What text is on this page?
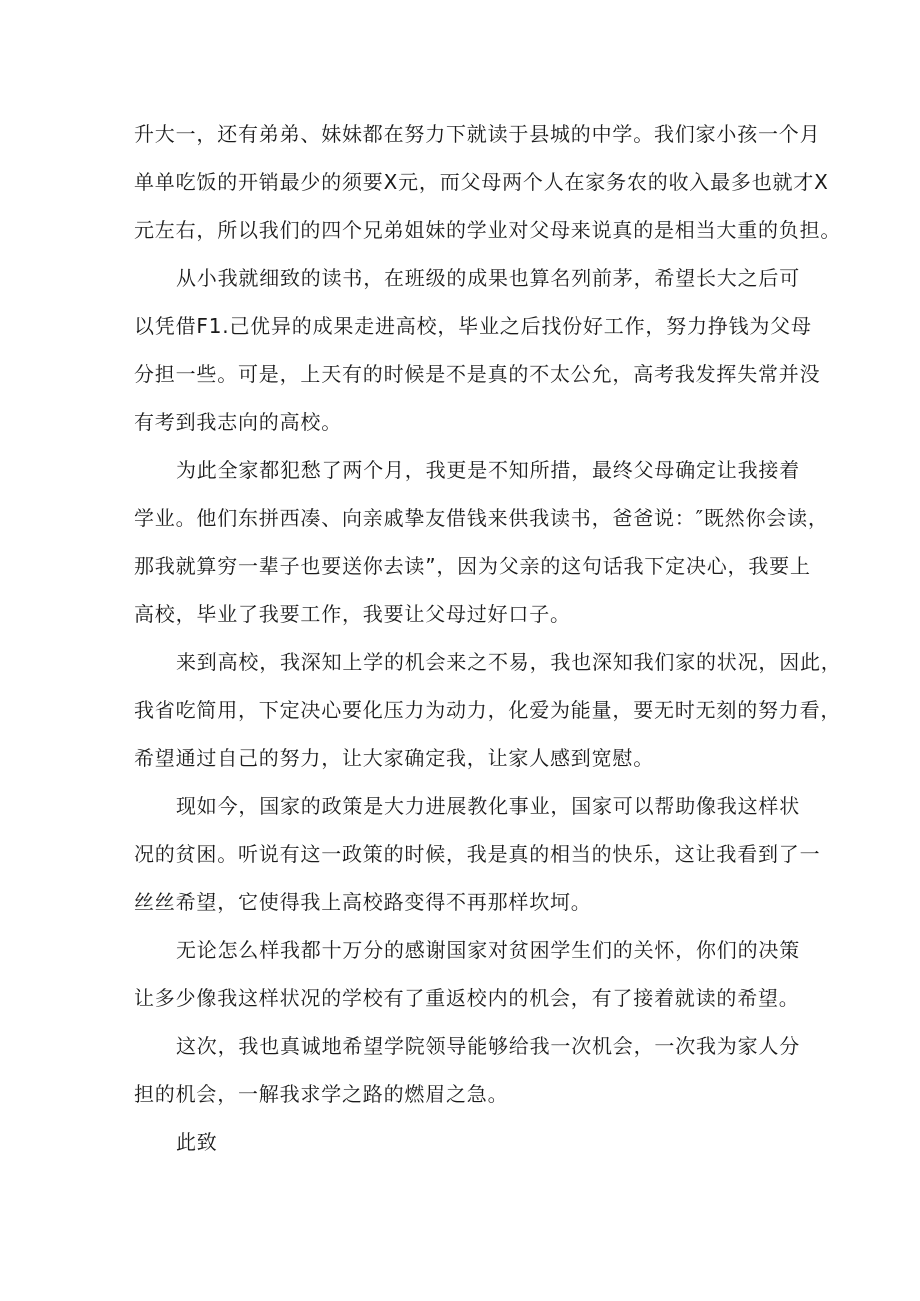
升大一，还有弟弟、妹妹都在努力下就读于县城的中学。我们家小孩一个月
单单吃饭的开销最少的须要X元，而父母两个人在家务农的收入最多也就才X
元左右，所以我们的四个兄弟姐妹的学业对父母来说真的是相当大重的负担。
从小我就细致的读书，在班级的成果也算名列前茅，希望长大之后可
以凭借F1.己优异的成果走进高校，毕业之后找份好工作，努力挣钱为父母
分担一些。可是，上天有的时候是不是真的不太公允，高考我发挥失常并没
有考到我志向的高校。
为此全家都犯愁了两个月，我更是不知所措，最终父母确定让我接着
学业。他们东拼西凑、向亲戚挚友借钱来供我读书，爸爸说：″既然你会读，
那我就算穷一辈子也要送你去读”，因为父亲的这句话我下定决心，我要上
高校，毕业了我要工作，我要让父母过好口子。
来到高校，我深知上学的机会来之不易，我也深知我们家的状况，因此，
我省吃简用，下定决心要化压力为动力，化爱为能量，要无时无刻的努力看，
希望通过自己的努力，让大家确定我，让家人感到宽慰。
现如今，国家的政策是大力进展教化事业，国家可以帮助像我这样状
况的贫困。听说有这一政策的时候，我是真的相当的快乐，这让我看到了一
丝丝希望，它使得我上高校路变得不再那样坎坷。
无论怎么样我都十万分的感谢国家对贫困学生们的关怀，你们的决策
让多少像我这样状况的学校有了重返校内的机会，有了接着就读的希望。
这次，我也真诚地希望学院领导能够给我一次机会，一次我为家人分
担的机会，一解我求学之路的燃眉之急。
此致
